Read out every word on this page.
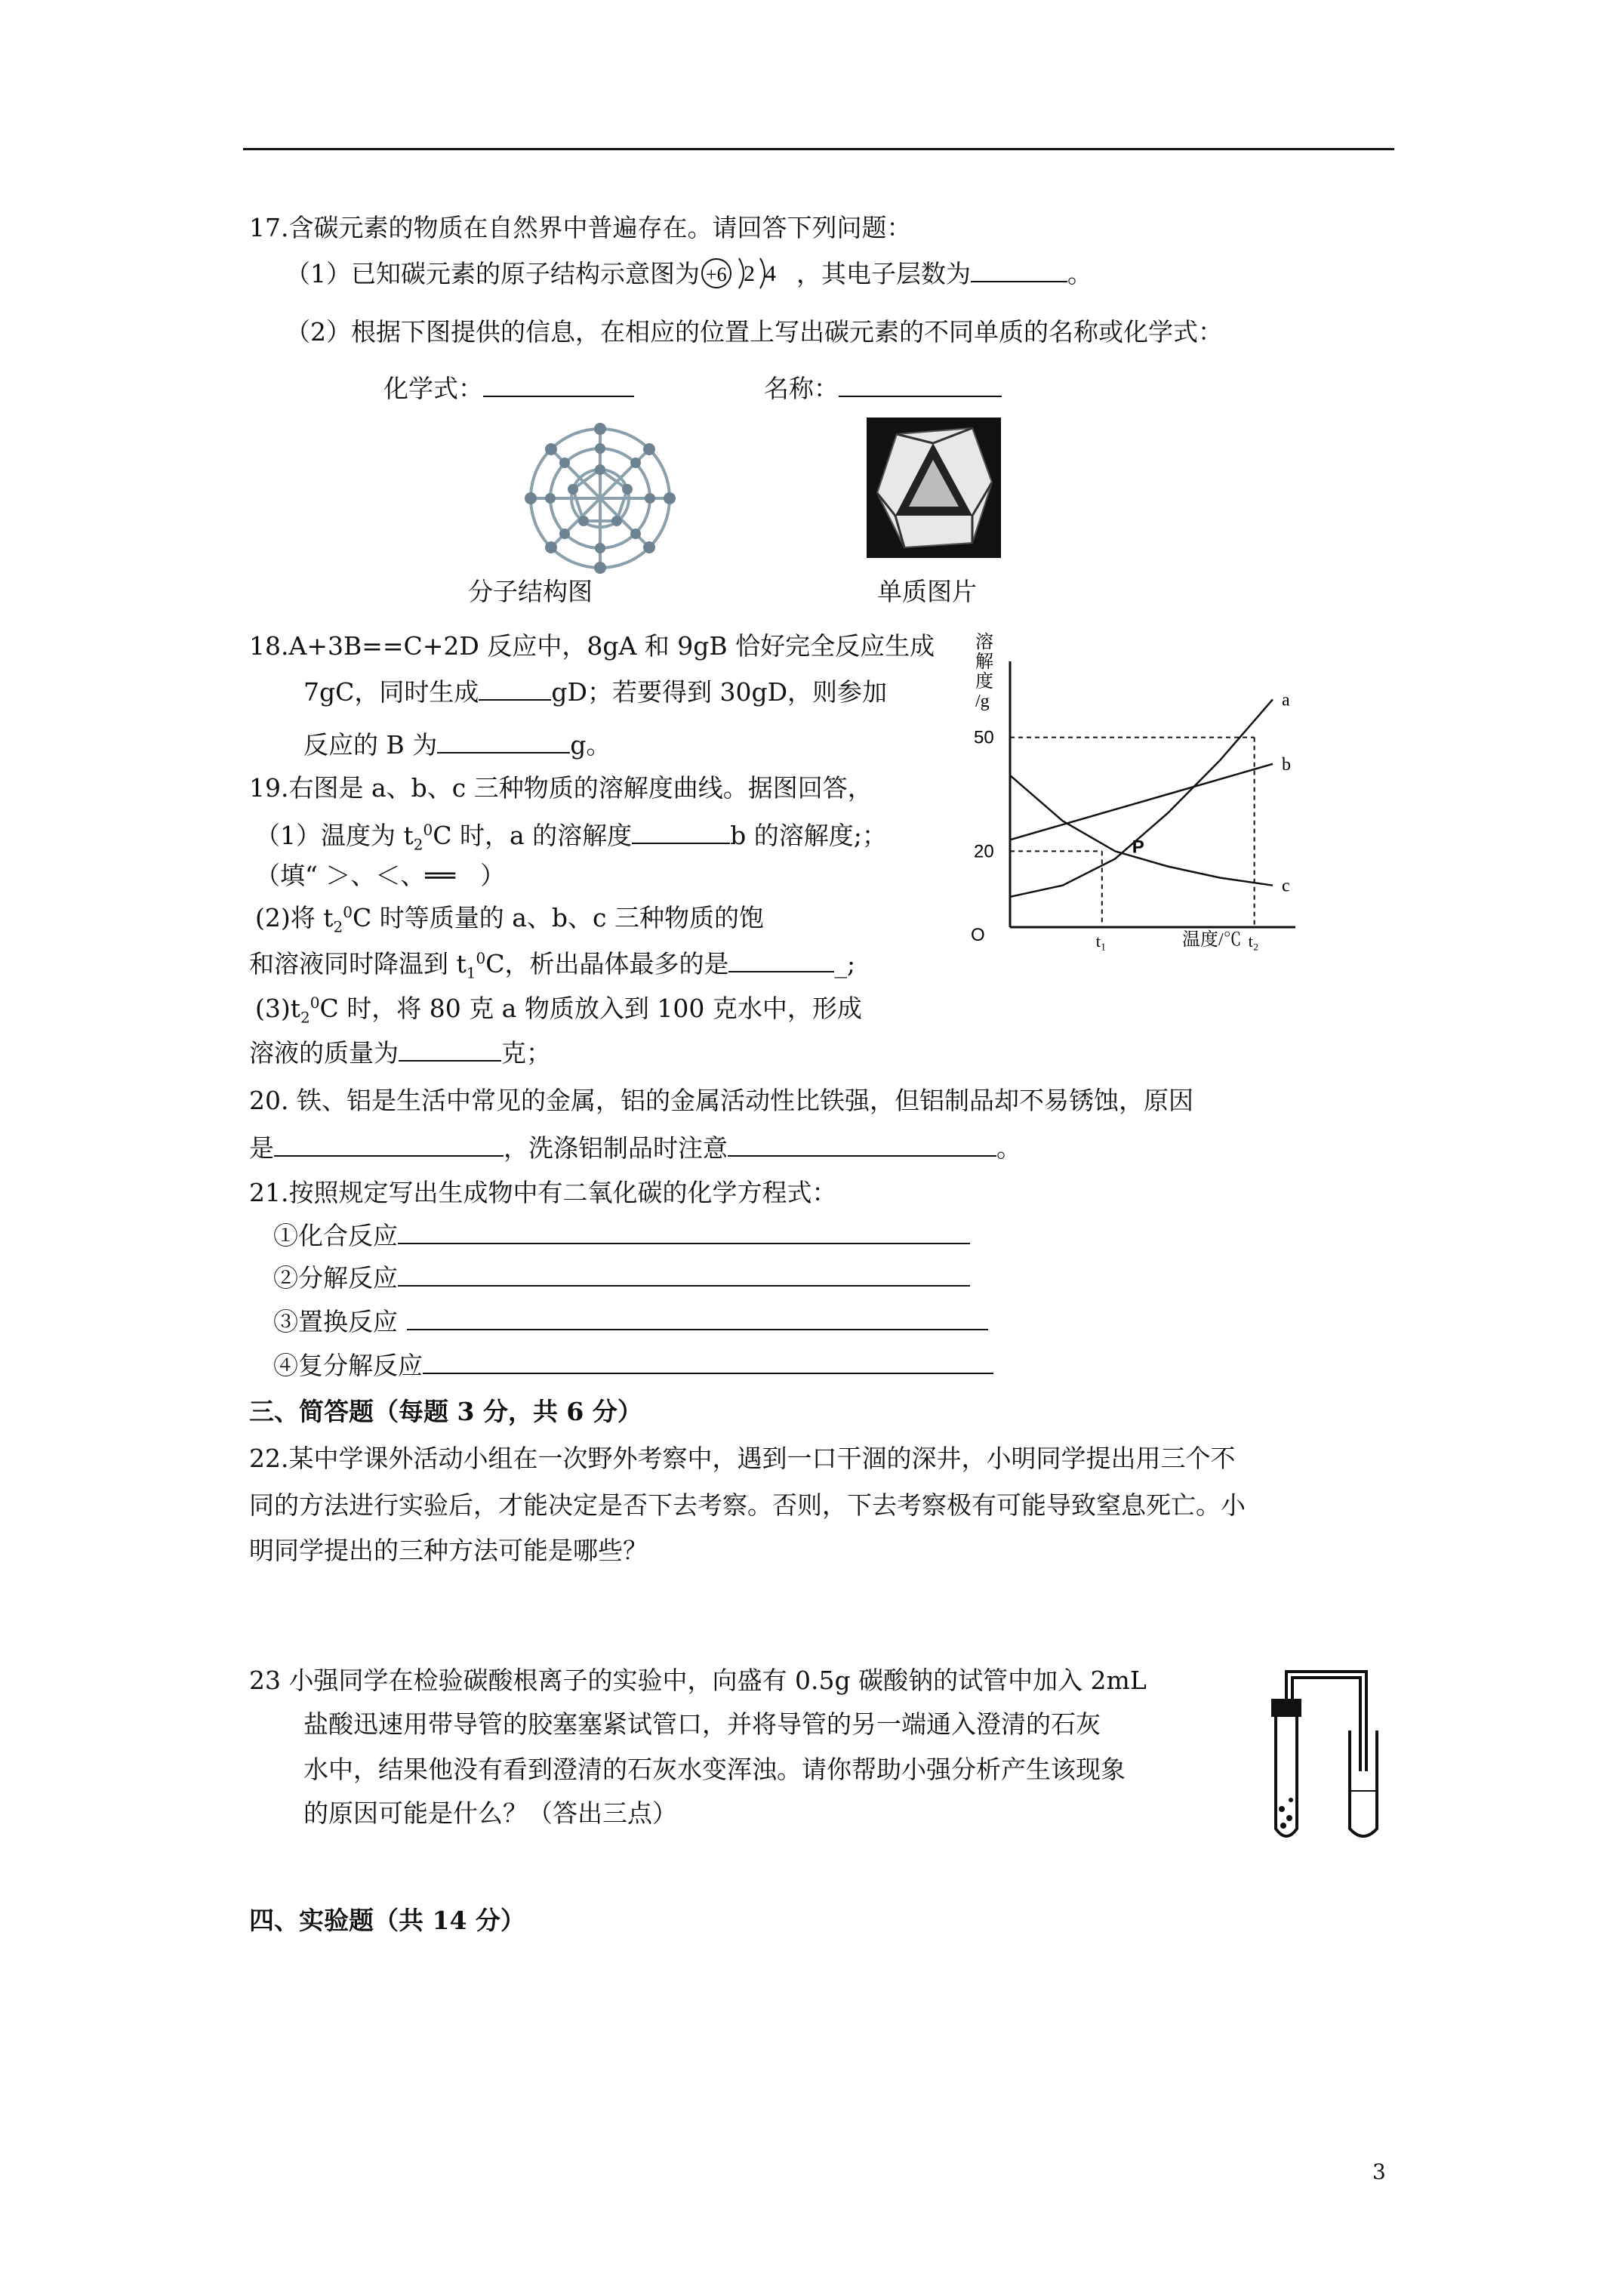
17.含碳元素的物质在自然界中普遍存在。请回答下列问题：
（1）已知碳元素的原子结构示意图为 +6 2 4 ，其电子层数为	。
（2）根据下图提供的信息，在相应的位置上写出碳元素的不同单质的名称或化学式：
化学式：	名称：
分子结构图	单质图片
18.A+3B==C+2D 反应中，8gA 和 9gB 恰好完全反应生成
7gC，同时生成	gD；若要得到 30gD，则参加
反应的 B 为	g。
19.右图是 a、b、c 三种物质的溶解度曲线。据图回答，
（1）温度为 $t_2^0C$ 时，a 的溶解度	b 的溶解度;；
（填“ ＞、＜、══　）
(2)将 $t_2^0C$ 时等质量的 a、b、c 三种物质的饱
和溶液同时降温到 $t_1^0C$，析出晶体最多的是	_;
$(3)t_2^0C$ 时，将 80 克 a 物质放入到 100 克水中，形成
溶液的质量为	克；
溶
解
度
/g
O
20
50
t₁	t₂
P
a
b
c
温度/℃
20. 铁、铝是生活中常见的金属，铝的金属活动性比铁强，但铝制品却不易锈蚀，原因
是	，洗涤铝制品时注意	。
21.按照规定写出生成物中有二氧化碳的化学方程式：
①化合反应
②分解反应
③置换反应
④复分解反应
三、简答题（每题 3 分，共 6 分）
22.某中学课外活动小组在一次野外考察中，遇到一口干涸的深井，小明同学提出用三个不
同的方法进行实验后，才能决定是否下去考察。否则，下去考察极有可能导致窒息死亡。小
明同学提出的三种方法可能是哪些？
23 小强同学在检验碳酸根离子的实验中，向盛有 0.5g 碳酸钠的试管中加入 2mL
盐酸迅速用带导管的胶塞塞紧试管口，并将导管的另一端通入澄清的石灰
水中，结果他没有看到澄清的石灰水变浑浊。请你帮助小强分析产生该现象
的原因可能是什么？（答出三点）
四、实验题（共 14 分）
3
